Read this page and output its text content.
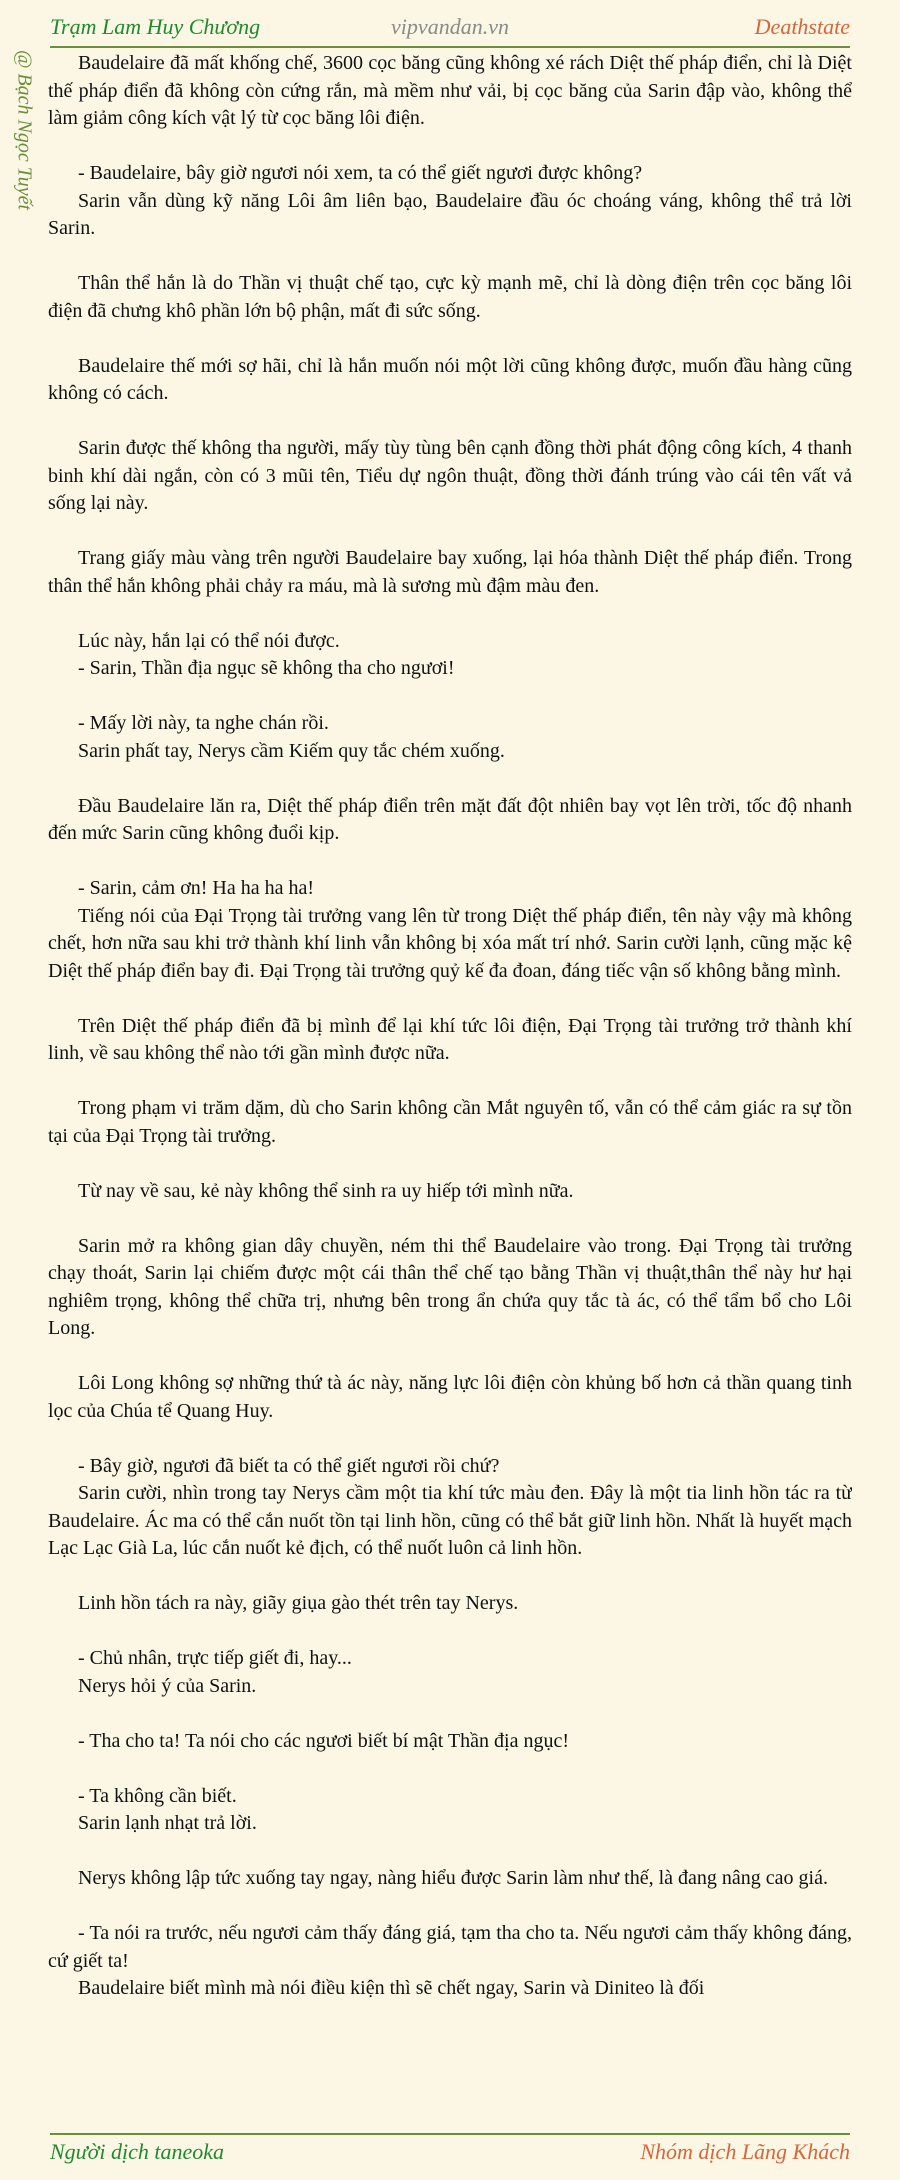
Trạm Lam Huy Chương	vipvandan.vn	Deathstate
@ Bạch Ngọc Tuyết	Baudelaire đã mất khống chế, 3600 cọc băng cũng không xé rách Diệt thế pháp điển, chỉ là Diệt thế pháp điển đã không còn cứng rắn, mà mềm như vải, bị cọc băng của Sarin đập vào, không thể làm giảm công kích vật lý từ cọc băng lôi điện.

- Baudelaire, bây giờ ngươi nói xem, ta có thể giết ngươi được không?

Sarin vẫn dùng kỹ năng Lôi âm liên bạo, Baudelaire đầu óc choáng váng, không thể trả lời Sarin.

Thân thể hắn là do Thần vị thuật chế tạo, cực kỳ mạnh mẽ, chỉ là dòng điện trên cọc băng lôi điện đã chưng khô phần lớn bộ phận, mất đi sức sống.

Baudelaire thế mới sợ hãi, chỉ là hắn muốn nói một lời cũng không được, muốn đầu hàng cũng không có cách.

Sarin được thế không tha người, mấy tùy tùng bên cạnh đồng thời phát động công kích, 4 thanh binh khí dài ngắn, còn có 3 mũi tên, Tiểu dự ngôn thuật, đồng thời đánh trúng vào cái tên vất vả sống lại này.

Trang giấy màu vàng trên người Baudelaire bay xuống, lại hóa thành Diệt thế pháp điển. Trong thân thể hắn không phải chảy ra máu, mà là sương mù đậm màu đen.

Lúc này, hắn lại có thể nói được.

- Sarin, Thần địa ngục sẽ không tha cho ngươi!

- Mấy lời này, ta nghe chán rồi.

Sarin phất tay, Nerys cầm Kiếm quy tắc chém xuống.

Đầu Baudelaire lăn ra, Diệt thế pháp điển trên mặt đất đột nhiên bay vọt lên trời, tốc độ nhanh đến mức Sarin cũng không đuổi kịp.

- Sarin, cảm ơn! Ha ha ha ha!

Tiếng nói của Đại Trọng tài trưởng vang lên từ trong Diệt thế pháp điển, tên này vậy mà không chết, hơn nữa sau khi trở thành khí linh vẫn không bị xóa mất trí nhớ. Sarin cười lạnh, cũng mặc kệ Diệt thế pháp điển bay đi. Đại Trọng tài trưởng quỷ kế đa đoan, đáng tiếc vận số không bằng mình.

Trên Diệt thế pháp điển đã bị mình để lại khí tức lôi điện, Đại Trọng tài trưởng trở thành khí linh, về sau không thể nào tới gần mình được nữa.

Trong phạm vi trăm dặm, dù cho Sarin không cần Mắt nguyên tố, vẫn có thể cảm giác ra sự tồn tại của Đại Trọng tài trưởng.

Từ nay về sau, kẻ này không thể sinh ra uy hiếp tới mình nữa.

Sarin mở ra không gian dây chuyền, ném thi thể Baudelaire vào trong. Đại Trọng tài trưởng chạy thoát, Sarin lại chiếm được một cái thân thể chế tạo bằng Thần vị thuật,thân thể này hư hại nghiêm trọng, không thể chữa trị, nhưng bên trong ẩn chứa quy tắc tà ác, có thể tẩm bổ cho Lôi Long.

Lôi Long không sợ những thứ tà ác này, năng lực lôi điện còn khủng bố hơn cả thần quang tinh lọc của Chúa tể Quang Huy.

- Bây giờ, ngươi đã biết ta có thể giết ngươi rồi chứ?

Sarin cười, nhìn trong tay Nerys cầm một tia khí tức màu đen. Đây là một tia linh hồn tác ra từ Baudelaire. Ác ma có thể cắn nuốt tồn tại linh hồn, cũng có thể bắt giữ linh hồn. Nhất là huyết mạch Lạc Lạc Già La, lúc cắn nuốt kẻ địch, có thể nuốt luôn cả linh hồn.

Linh hồn tách ra này, giãy giụa gào thét trên tay Nerys.

- Chủ nhân, trực tiếp giết đi, hay...

Nerys hỏi ý của Sarin.

- Tha cho ta! Ta nói cho các ngươi biết bí mật Thần địa ngục!

- Ta không cần biết.

Sarin lạnh nhạt trả lời.

Nerys không lập tức xuống tay ngay, nàng hiểu được Sarin làm như thế, là đang nâng cao giá.

- Ta nói ra trước, nếu ngươi cảm thấy đáng giá, tạm tha cho ta. Nếu ngươi cảm thấy không đáng, cứ giết ta!

Baudelaire biết mình mà nói điều kiện thì sẽ chết ngay, Sarin và Diniteo là đối

Người dịch taneoka	Nhóm dịch Lãng Khách
